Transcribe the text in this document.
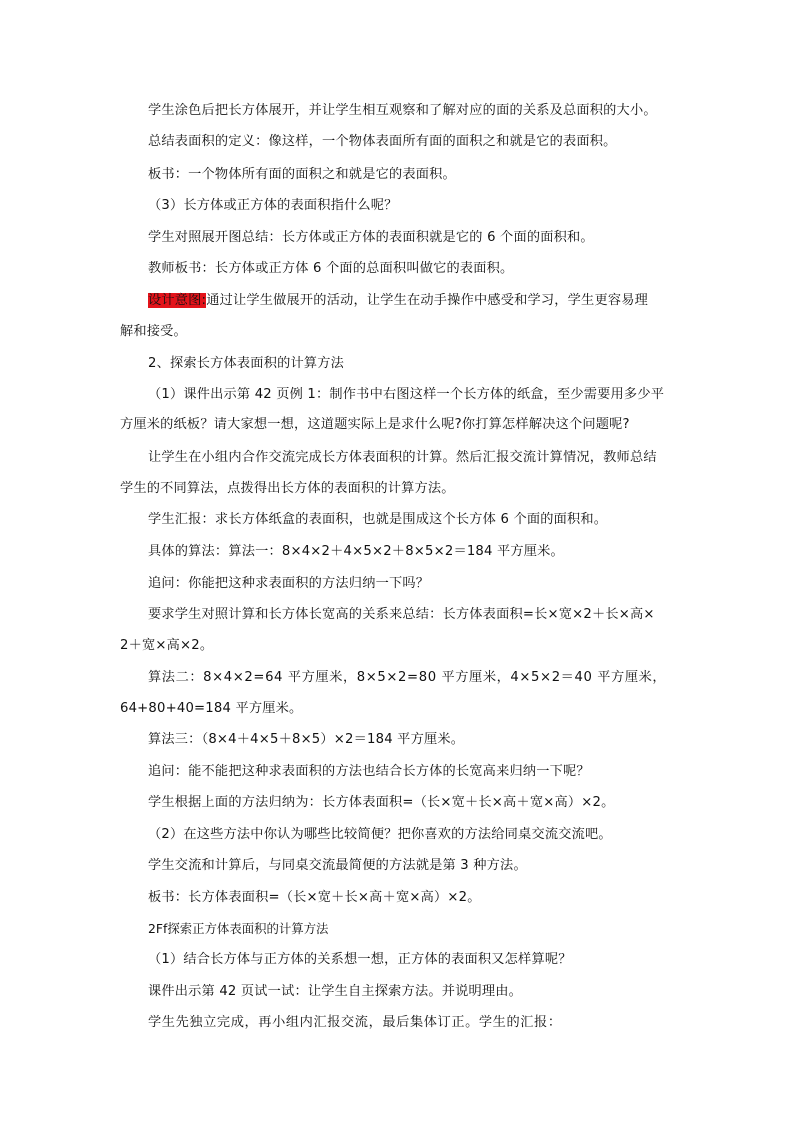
学生涂色后把长方体展开，并让学生相互观察和了解对应的面的关系及总面积的大小。
总结表面积的定义：像这样，一个物体表面所有面的面积之和就是它的表面积。
板书：一个物体所有面的面积之和就是它的表面积。
（3）长方体或正方体的表面积指什么呢？
学生对照展开图总结：长方体或正方体的表面积就是它的 6 个面的面积和。
教师板书：长方体或正方体 6 个面的总面积叫做它的表面积。
设计意图:通过让学生做展开的活动，让学生在动手操作中感受和学习，学生更容易理
解和接受。
2、探索长方体表面积的计算方法
（1）课件出示第 42 页例 1：制作书中右图这样一个长方体的纸盒，至少需要用多少平
方厘米的纸板？请大家想一想，这道题实际上是求什么呢?你打算怎样解决这个问题呢?
让学生在小组内合作交流完成长方体表面积的计算。然后汇报交流计算情况，教师总结
学生的不同算法，点拨得出长方体的表面积的计算方法。
学生汇报：求长方体纸盒的表面积，也就是围成这个长方体 6 个面的面积和。
具体的算法：算法一：8×4×2＋4×5×2＋8×5×2＝184 平方厘米。
追问：你能把这种求表面积的方法归纳一下吗？
要求学生对照计算和长方体长宽高的关系来总结：长方体表面积=长×宽×2＋长×高×
2＋宽×高×2。
算法二：8×4×2=64 平方厘米，8×5×2=80 平方厘米，4×5×2＝40 平方厘米，
64+80+40=184 平方厘米。
算法三：（8×4＋4×5＋8×5）×2＝184 平方厘米。
追问：能不能把这种求表面积的方法也结合长方体的长宽高来归纳一下呢？
学生根据上面的方法归纳为：长方体表面积=（长×宽＋长×高＋宽×高）×2。
（2）在这些方法中你认为哪些比较简便？把你喜欢的方法给同桌交流交流吧。
学生交流和计算后，与同桌交流最简便的方法就是第 3 种方法。
板书：长方体表面积=（长×宽＋长×高＋宽×高）×2。
2Ff探索正方体表面积的计算方法
（1）结合长方体与正方体的关系想一想，正方体的表面积又怎样算呢？
课件出示第 42 页试一试：让学生自主探索方法。并说明理由。
学生先独立完成，再小组内汇报交流，最后集体订正。学生的汇报：
